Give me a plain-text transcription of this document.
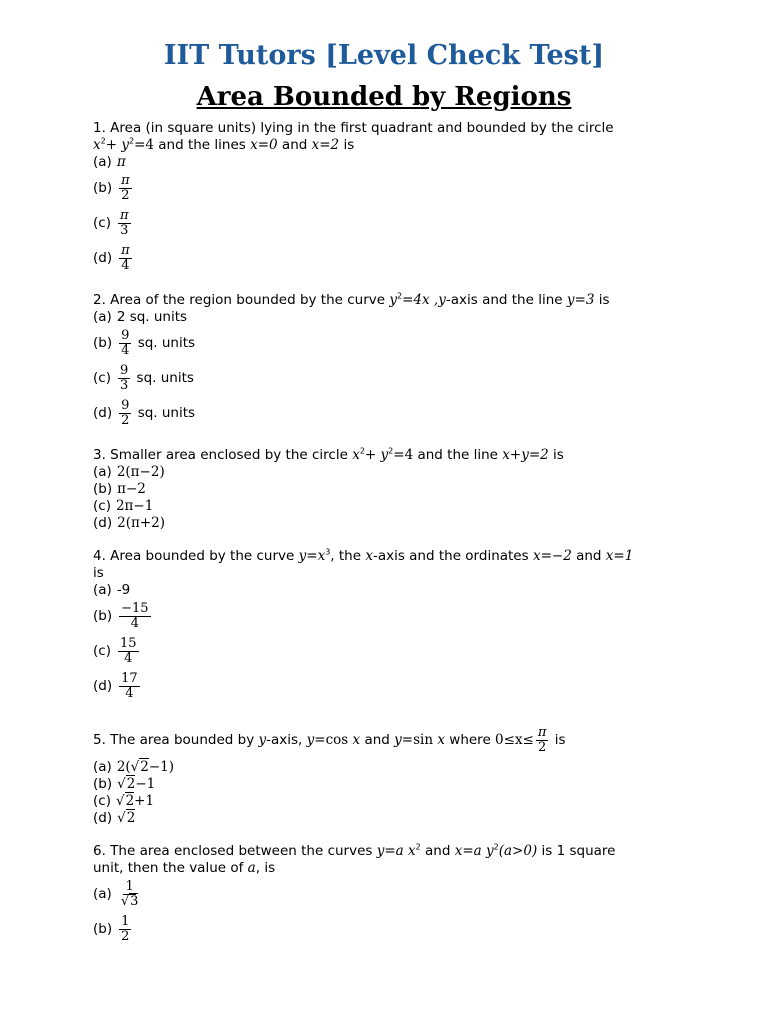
IIT Tutors [Level Check Test]
Area Bounded by Regions

1. Area (in square units) lying in the first quadrant and bounded by the circle
$x^2+ y^2=4$ and the lines x=0 and x=2 is

(a) π
$(b) \frac{\pi}{2}$
$(c) \frac{\pi}{3}$
$(d) \frac{\pi}{4}$

2. Area of the region bounded by the curve $y^2=4x$ ,y-axis and the line y=3 is

(a) 2 sq. units
$(b) \frac{9}{4}$
sq. units
$(c) \frac{9}{3}$
sq. units
$(d) \frac{9}{2}$
sq. units

3. Smaller area enclosed by the circle $x^2+ y^2=4$ and the line x+y=2 is

(a) 2(π−2)
(b) π−2
(c) 2π−1
(d) 2(π+2)

4. Area bounded by the curve $y=x^3$, the x-axis and the ordinates x=−2 and x=1
is

(a) -9
$(b) \frac{-15}{4}$
$(c) \frac{15}{4}$
$(d) \frac{17}{4}$

5. The area bounded by
y -axis,
y= cos
x
and
y= sin
x
where
$0\le x\le \frac{\pi}{2}$
is

(a) 2( √2 −1)
(b) √2 −1
(c) √2 +1
(d) √2

6. The area enclosed between the curves y=a $x^2$ and x=a $y^2(a>0)$ is 1 square
unit, then the value of a, is

$(a) \frac{1}{√3}$
$(b) \frac{1}{2}$
